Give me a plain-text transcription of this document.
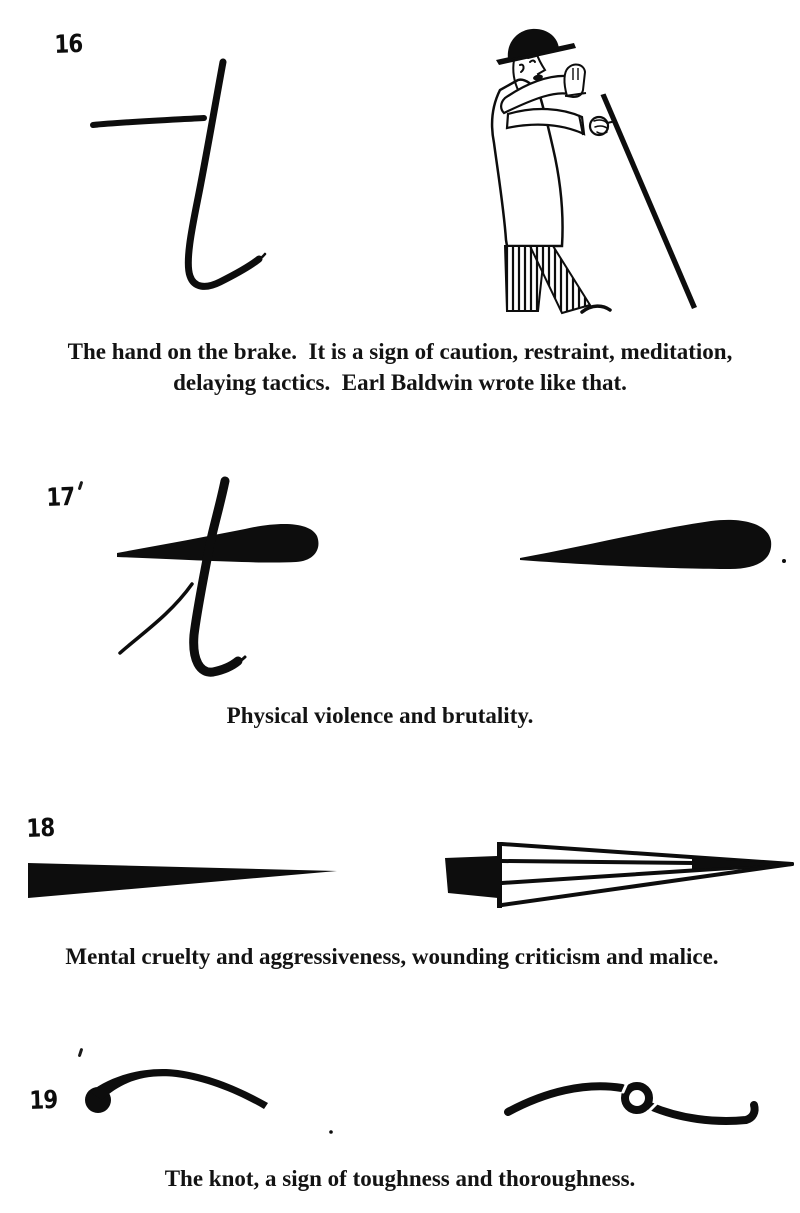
16
The hand on the brake.  It is a sign of caution, restraint, meditation,
delaying tactics.  Earl Baldwin wrote like that.
17
Physical violence and brutality.
18
Mental cruelty and aggressiveness, wounding criticism and malice.
19
The knot, a sign of toughness and thoroughness.
